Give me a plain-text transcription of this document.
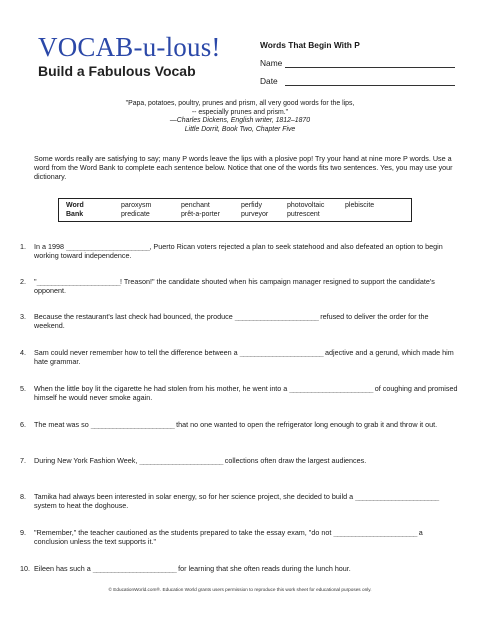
VOCAB-u-lous!
Build a Fabulous Vocab
Words That Begin With P
Name
Date
"Papa, potatoes, poultry, prunes and prism, all very good words for the lips,
-- especially prunes and prism."
—Charles Dickens, English writer, 1812–1870
Little Dorrit, Book Two, Chapter Five
Some words really are satisfying to say; many P words leave the lips with a plosive pop! Try your hand at nine more P words. Use a word from the Word Bank to complete each sentence below. Notice that one of the words fits two sentences. Yes, you may use your dictionary.
Word Bank
paroxysm	penchant	perfidy	photovoltaic	plebiscite
predicate	prêt-a-porter	purveyor	putrescent
1.	In a 1998 _______________________, Puerto Rican voters rejected a plan to seek statehood and also defeated an option to begin working toward independence.
2.	"_______________________! Treason!" the candidate shouted when his campaign manager resigned to support the candidate's opponent.
3.	Because the restaurant's last check had bounced, the produce _______________________ refused to deliver the order for the weekend.
4.	Sam could never remember how to tell the difference between a _______________________ adjective and a gerund, which made him hate grammar.
5.	When the little boy lit the cigarette he had stolen from his mother, he went into a _______________________ of coughing and promised himself he would never smoke again.
6.	The meat was so _______________________ that no one wanted to open the refrigerator long enough to grab it and throw it out.
7.	During New York Fashion Week, _______________________ collections often draw the largest audiences.
8.	Tamika had always been interested in solar energy, so for her science project, she decided to build a _______________________ system to heat the doghouse.
9.	"Remember," the teacher cautioned as the students prepared to take the essay exam, "do not _______________________ a conclusion unless the text supports it."
10. Eileen has such a _______________________ for learning that she often reads during the lunch hour.
© EducationWorld.com®. Education World grants users permission to reproduce this work sheet for educational purposes only.
